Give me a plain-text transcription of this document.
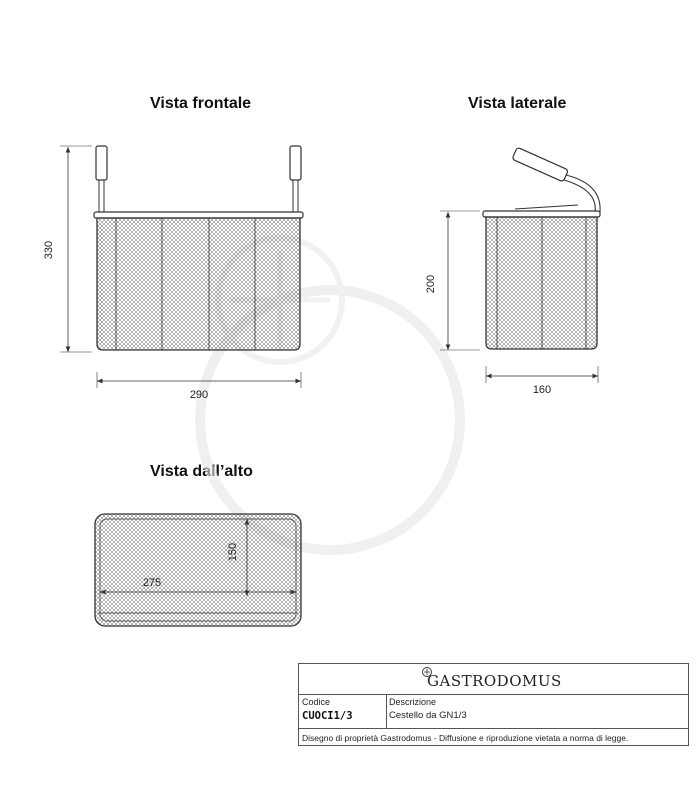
Vista frontale	Vista laterale
Vista dall’alto
330
290
200
160
150
275
GASTRODOMUS
Codice
CUOCI1/3
Descrizione
Cestello da GN1/3
Disegno di proprietà Gastrodomus - Diffusione e riproduzione vietata a norma di legge.
